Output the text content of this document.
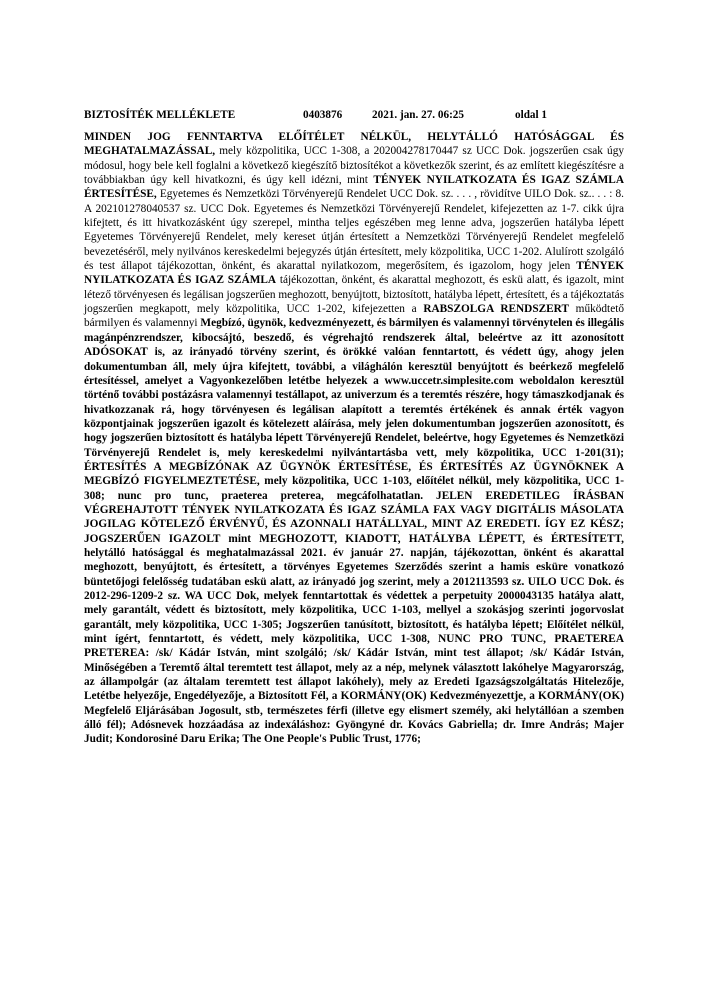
BIZTOSÍTÉK MELLÉKLETE	0403876	2021. jan. 27. 06:25	oldal 1

MINDEN JOG FENNTARTVA ELŐÍTÉLET NÉLKÜL, HELYTÁLLÓ HATÓSÁGGAL ÉS MEGHATALMAZÁSSAL, mely közpolitika, UCC 1-308, a 202004278170447 sz UCC Dok. jogszerűen csak úgy módosul, hogy bele kell foglalni a következő kiegészítő biztosítékot a következők szerint, és az említett kiegészítésre a továbbiakban úgy kell hivatkozni, és úgy kell idézni, mint TÉNYEK NYILATKOZATA ÉS IGAZ SZÁMLA ÉRTESÍTÉSE, Egyetemes és Nemzetközi Törvényerejű Rendelet UCC Dok. sz. . . . , rövidítve UILO Dok. sz.. . . : 8. A 202101278040537 sz. UCC Dok. Egyetemes és Nemzetközi Törvényerejű Rendelet, kifejezetten az 1-7. cikk újra kifejtett, és itt hivatkozásként úgy szerepel, mintha teljes egészében meg lenne adva, jogszerűen hatályba lépett Egyetemes Törvényerejű Rendelet, mely kereset útján értesített a Nemzetközi Törvényerejű Rendelet megfelelő bevezetéséről, mely nyilvános kereskedelmi bejegyzés útján értesített, mely közpolitika, UCC 1-202. Alulírott szolgáló és test állapot tájékozottan, önként, és akarattal nyilatkozom, megerősítem, és igazolom, hogy jelen TÉNYEK NYILATKOZATA ÉS IGAZ SZÁMLA tájékozottan, önként, és akarattal meghozott, és eskü alatt, és igazolt, mint létező törvényesen és legálisan jogszerűen meghozott, benyújtott, biztosított, hatályba lépett, értesített, és a tájékoztatás jogszerűen megkapott, mely közpolitika, UCC 1-202, kifejezetten a RABSZOLGA RENDSZERT működtető bármilyen és valamennyi Megbízó, ügynök, kedvezményezett, és bármilyen és valamennyi törvénytelen és illegális magánpénzrendszer, kibocsájtó, beszedő, és végrehajtó rendszerek által, beleértve az itt azonosított ADÓSOKAT is, az irányadó törvény szerint, és örökké valóan fenntartott, és védett úgy, ahogy jelen dokumentumban áll, mely újra kifejtett, további, a világhálón keresztül benyújtott és beérkező megfelelő értesítéssel, amelyet a Vagyonkezelőben letétbe helyezek a www.uccetr.simplesite.com weboldalon keresztül történő további postázásra valamennyi testállapot, az univerzum és a teremtés részére, hogy támaszkodjanak és hivatkozzanak rá, hogy törvényesen és legálisan alapított a teremtés értékének és annak érték vagyon központjainak jogszerűen igazolt és kötelezett aláírása, mely jelen dokumentumban jogszerűen azonosított, és hogy jogszerűen biztosított és hatályba lépett Törvényerejű Rendelet, beleértve, hogy Egyetemes és Nemzetközi Törvényerejű Rendelet is, mely kereskedelmi nyilvántartásba vett, mely közpolitika, UCC 1-201(31); ÉRTESÍTÉS A MEGBÍZÓNAK AZ ÜGYNÖK ÉRTESÍTÉSE, ÉS ÉRTESÍTÉS AZ ÜGYNÖKNEK A MEGBÍZÓ FIGYELMEZTETÉSE, mely közpolitika, UCC 1-103, előítélet nélkül, mely közpolitika, UCC 1-308; nunc pro tunc, praeterea preterea, megcáfolhatatlan. JELEN EREDETILEG ÍRÁSBAN VÉGREHAJTOTT TÉNYEK NYILATKOZATA ÉS IGAZ SZÁMLA FAX VAGY DIGITÁLIS MÁSOLATA JOGILAG KÖTELEZŐ ÉRVÉNYŰ, ÉS AZONNALI HATÁLLYAL, MINT AZ EREDETI. ÍGY EZ KÉSZ; JOGSZERŰEN IGAZOLT mint MEGHOZOTT, KIADOTT, HATÁLYBA LÉPETT, és ÉRTESÍTETT, helytálló hatósággal és meghatalmazással 2021. év január 27. napján, tájékozottan, önként és akarattal meghozott, benyújtott, és értesített, a törvényes Egyetemes Szerződés szerint a hamis esküre vonatkozó büntetőjogi felelősség tudatában eskü alatt, az irányadó jog szerint, mely a 2012113593 sz. UILO UCC Dok. és 2012-296-1209-2 sz. WA UCC Dok, melyek fenntartottak és védettek a perpetuity 2000043135 hatálya alatt, mely garantált, védett és biztosított, mely közpolitika, UCC 1-103, mellyel a szokásjog szerinti jogorvoslat garantált, mely közpolitika, UCC 1-305; Jogszerűen tanúsított, biztosított, és hatályba lépett; Előítélet nélkül, mint ígért, fenntartott, és védett, mely közpolitika, UCC 1-308, NUNC PRO TUNC, PRAETEREA PRETEREA: /sk/ Kádár István, mint szolgáló; /sk/ Kádár István, mint test állapot; /sk/ Kádár István, Minőségében a Teremtő által teremtett test állapot, mely az a nép, melynek választott lakóhelye Magyarország, az állampolgár (az általam teremtett test állapot lakóhely), mely az Eredeti Igazságszolgáltatás Hitelezője, Letétbe helyezője, Engedélyezője, a Biztosított Fél, a KORMÁNY(OK) Kedvezményezettje, a KORMÁNY(OK) Megfelelő Eljárásában Jogosult, stb, természetes férfi (illetve egy elismert személy, aki helytállóan a szemben álló fél); Adósnevek hozzáadása az indexáláshoz: Gyöngyné dr. Kovács Gabriella; dr. Imre András; Majer Judit; Kondorosiné Daru Erika; The One People's Public Trust, 1776;
